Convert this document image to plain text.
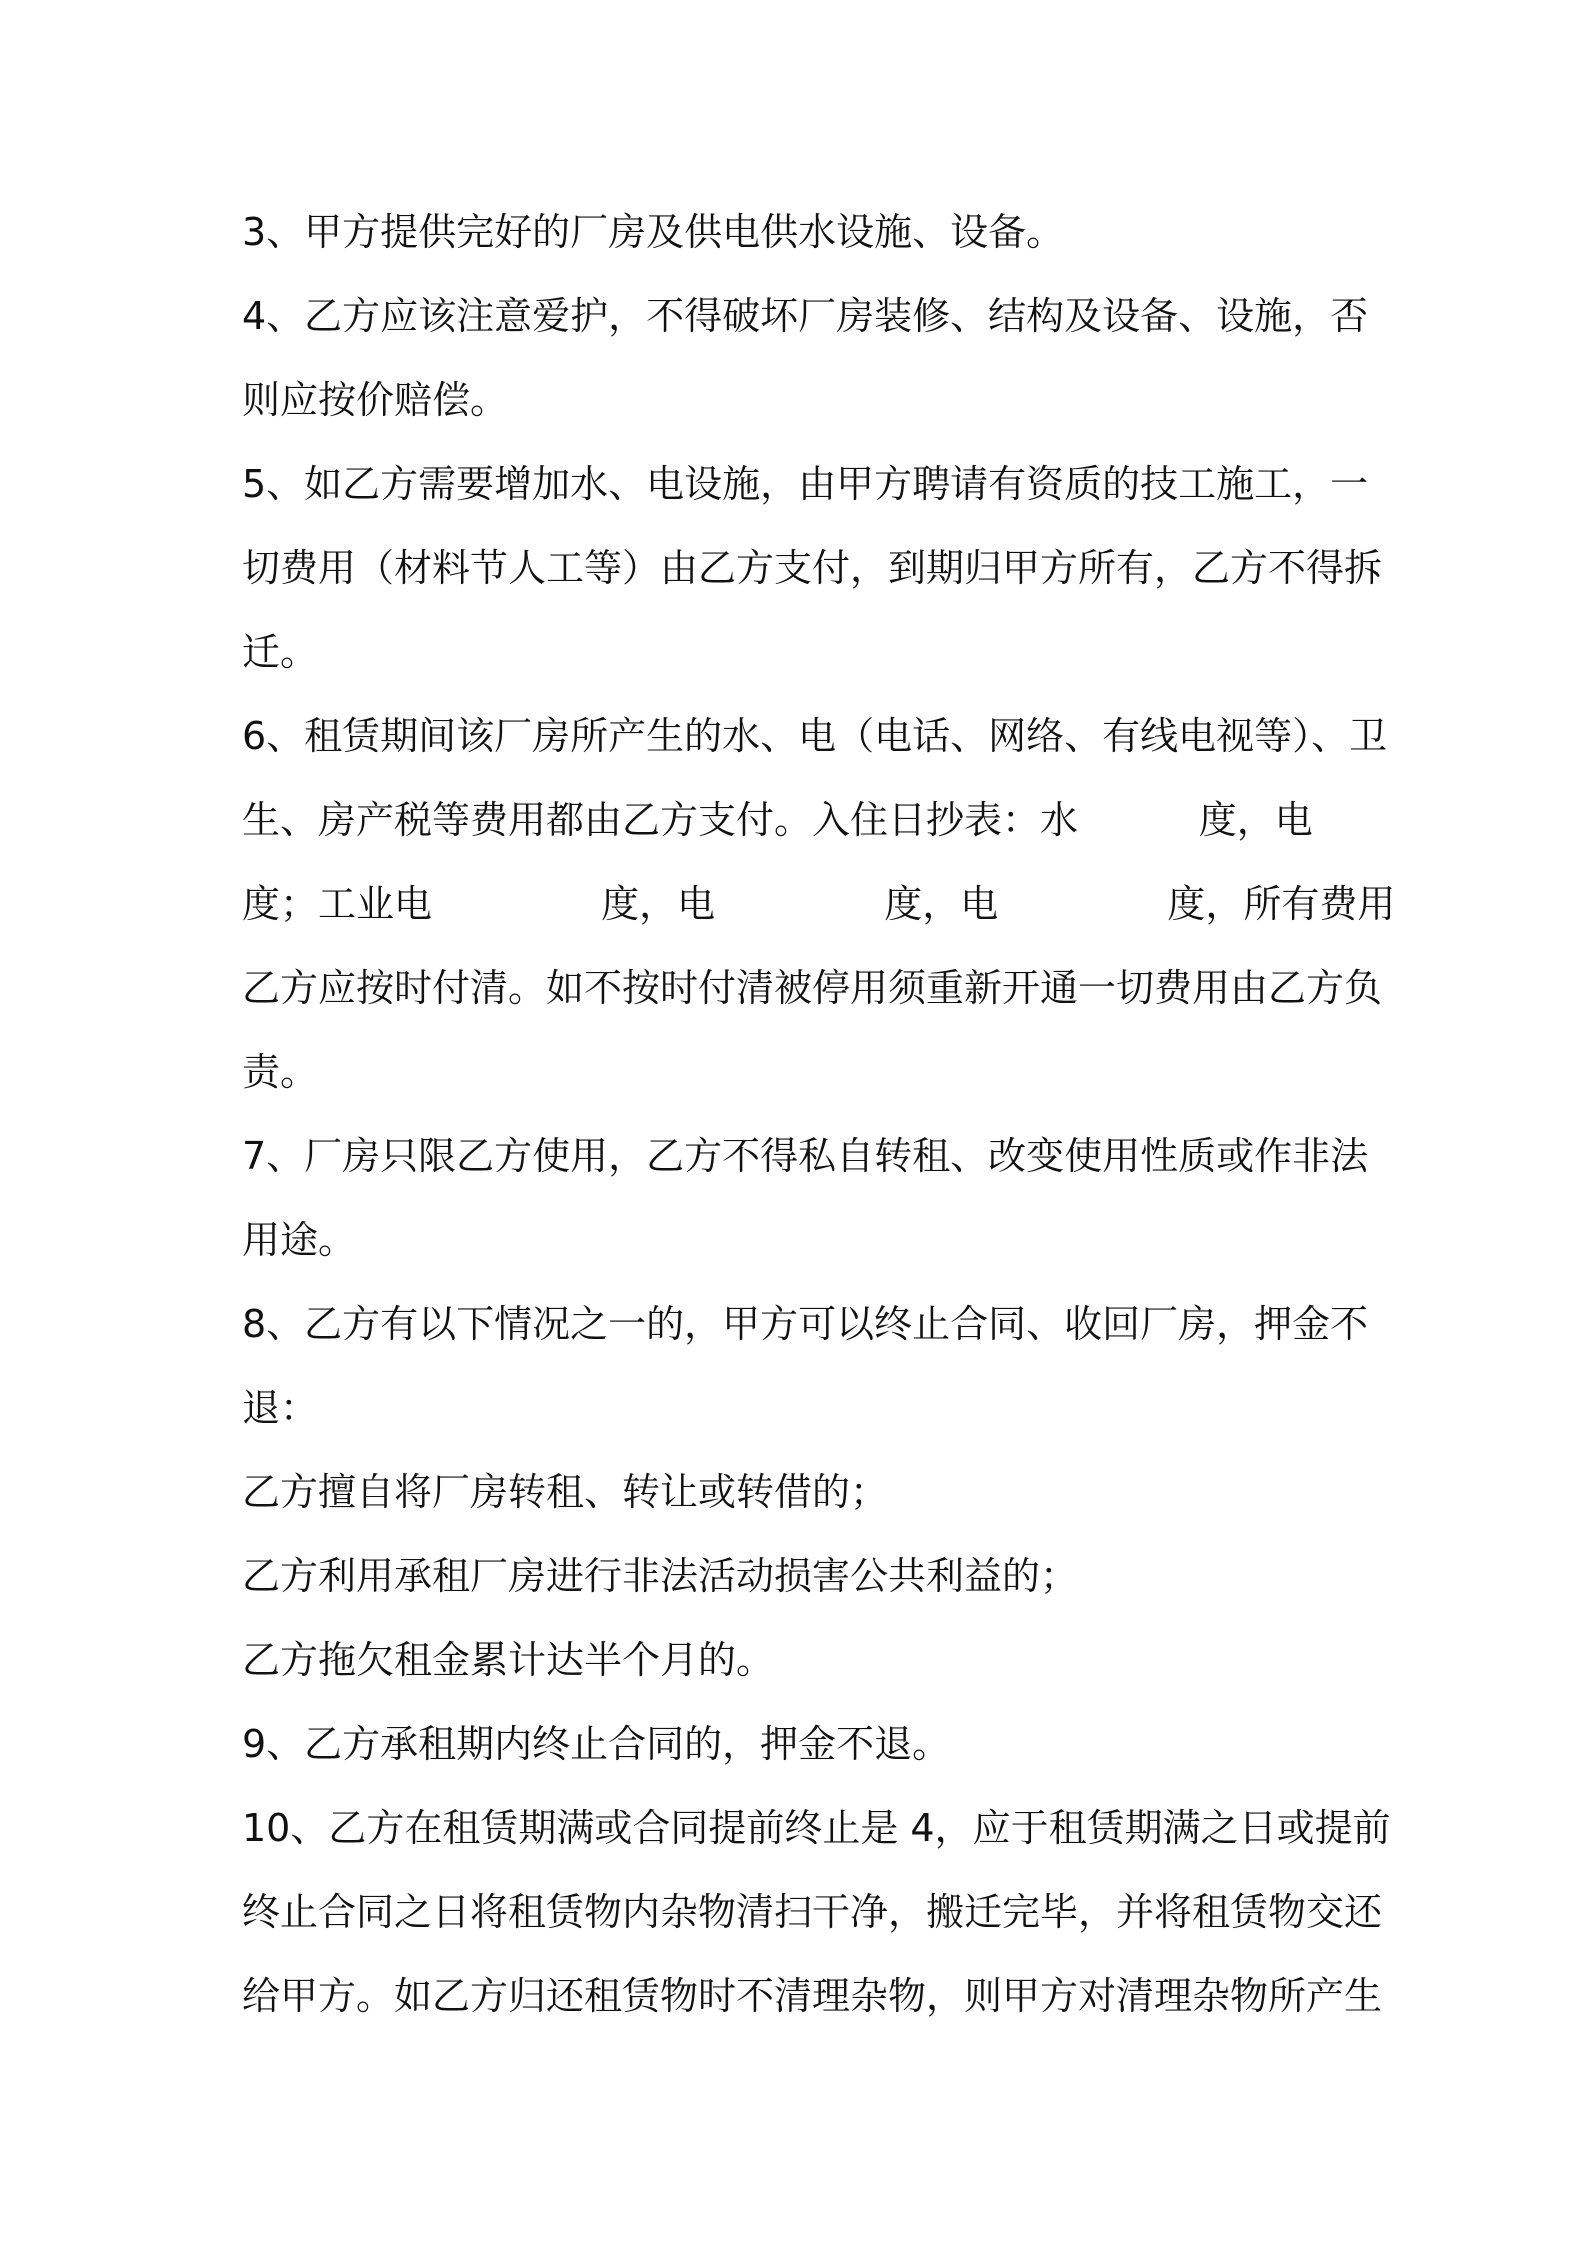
3、甲方提供完好的厂房及供电供水设施、设备。
4、乙方应该注意爱护，不得破坏厂房装修、结构及设备、设施，否
则应按价赔偿。
5、如乙方需要增加水、电设施，由甲方聘请有资质的技工施工，一
切费用（材料节人工等）由乙方支付，到期归甲方所有，乙方不得拆
迁。
6、租赁期间该厂房所产生的水、电（电话、网络、有线电视等）、卫
生、房产税等费用都由乙方支付。入住日抄表：水          度，电
度；工业电              度，电              度，电              度，所有费用
乙方应按时付清。如不按时付清被停用须重新开通一切费用由乙方负
责。
7、厂房只限乙方使用，乙方不得私自转租、改变使用性质或作非法
用途。
8、乙方有以下情况之一的，甲方可以终止合同、收回厂房，押金不
退：
乙方擅自将厂房转租、转让或转借的；
乙方利用承租厂房进行非法活动损害公共利益的；
乙方拖欠租金累计达半个月的。
9、乙方承租期内终止合同的，押金不退。
10、乙方在租赁期满或合同提前终止是 4，应于租赁期满之日或提前
终止合同之日将租赁物内杂物清扫干净，搬迁完毕，并将租赁物交还
给甲方。如乙方归还租赁物时不清理杂物，则甲方对清理杂物所产生
